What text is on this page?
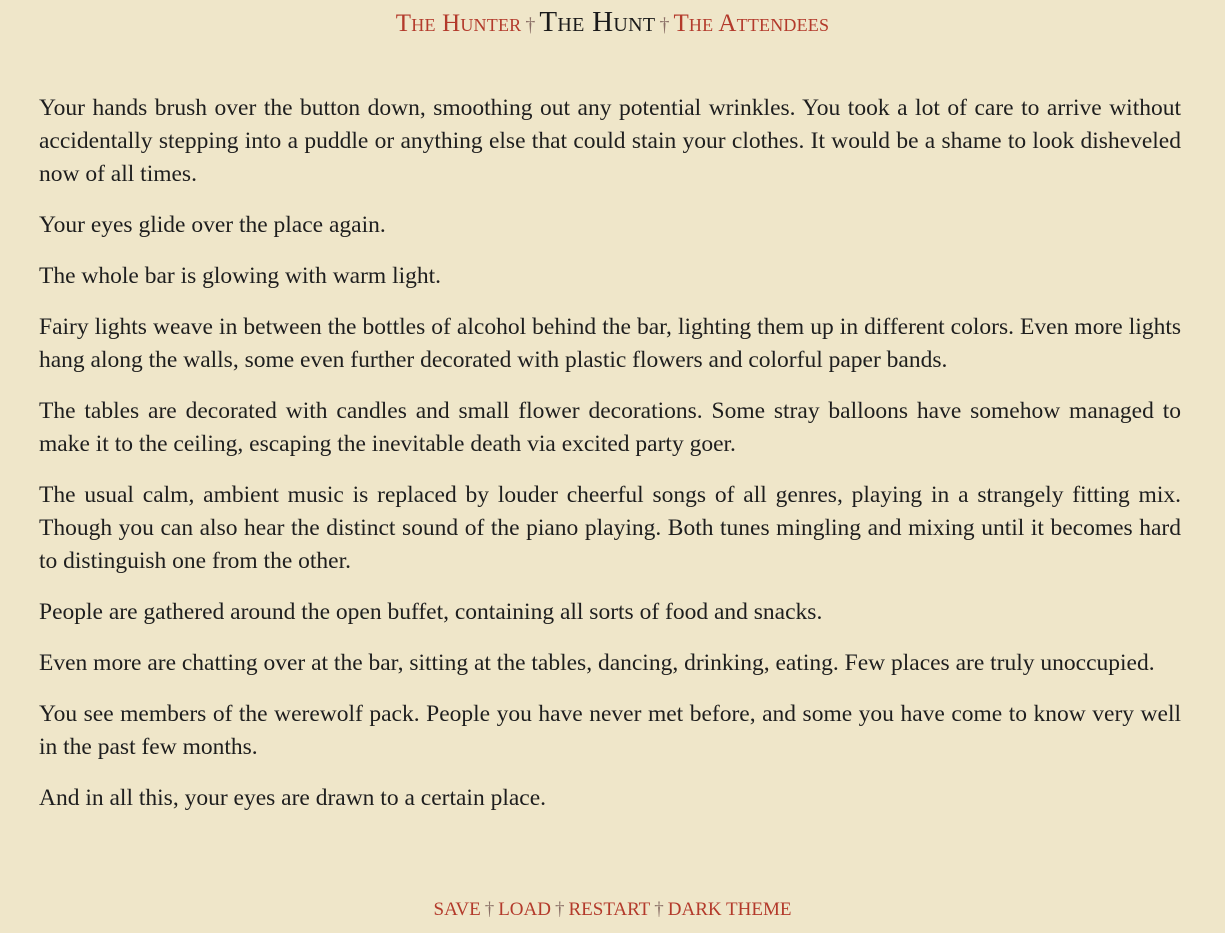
The Hunter † The Hunt † The Attendees

Your hands brush over the button down, smoothing out any potential wrinkles. You took a lot of care to arrive without accidentally stepping into a puddle or anything else that could stain your clothes. It would be a shame to look disheveled now of all times.

Your eyes glide over the place again.

The whole bar is glowing with warm light.

Fairy lights weave in between the bottles of alcohol behind the bar, lighting them up in different colors. Even more lights hang along the walls, some even further decorated with plastic flowers and colorful paper bands.

The tables are decorated with candles and small flower decorations. Some stray balloons have somehow managed to make it to the ceiling, escaping the inevitable death via excited party goer.

The usual calm, ambient music is replaced by louder cheerful songs of all genres, playing in a strangely fitting mix. Though you can also hear the distinct sound of the piano playing. Both tunes mingling and mixing until it becomes hard to distinguish one from the other.

People are gathered around the open buffet, containing all sorts of food and snacks.

Even more are chatting over at the bar, sitting at the tables, dancing, drinking, eating. Few places are truly unoccupied.

You see members of the werewolf pack. People you have never met before, and some you have come to know very well in the past few months.

And in all this, your eyes are drawn to a certain place.

SAVE † LOAD † RESTART † DARK THEME
